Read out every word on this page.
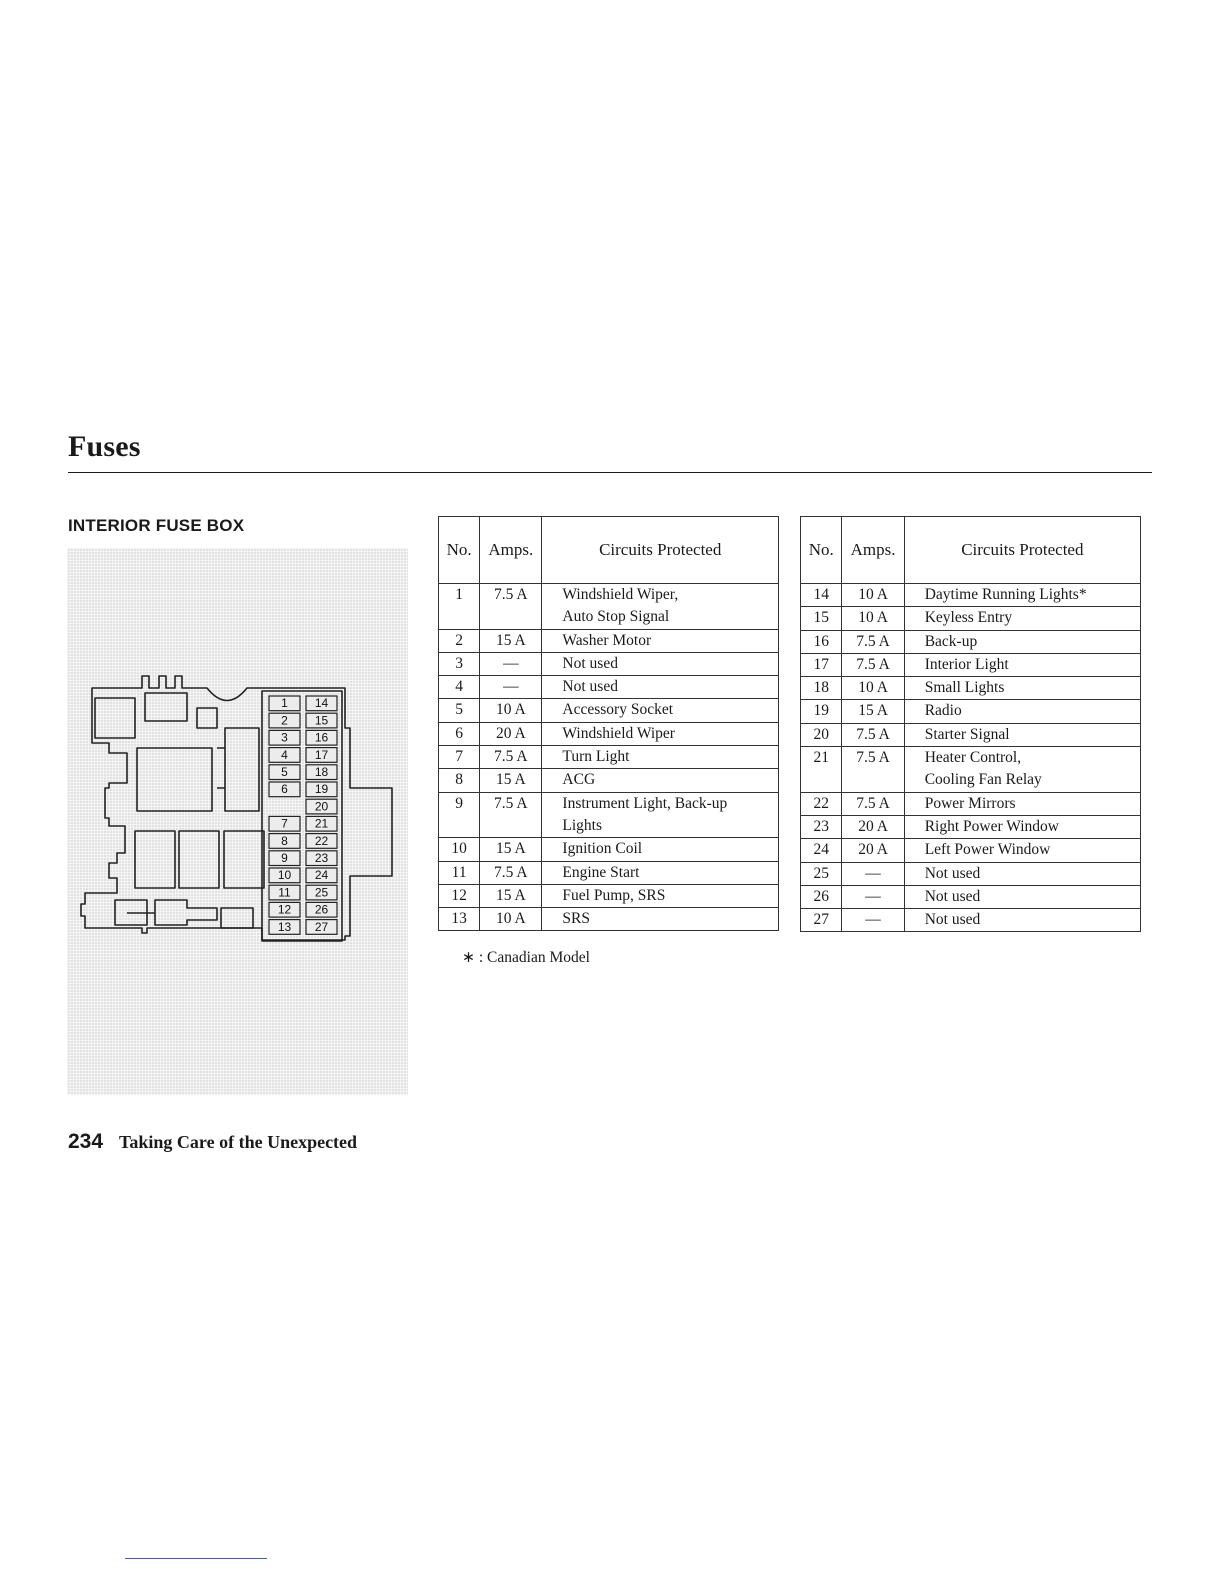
Fuses
INTERIOR FUSE BOX
1
2
3
4
5
6
7
8
9
10
11
12
13
14
15
16
17
18
19
20
21
22
23
24
25
26
27
No.	Amps.	Circuits Protected
1	7.5 A	Windshield Wiper,
		Auto Stop Signal
2	15 A	Washer Motor
3	—	Not used
4	—	Not used
5	10 A	Accessory Socket
6	20 A	Windshield Wiper
7	7.5 A	Turn Light
8	15 A	ACG
9	7.5 A	Instrument Light, Back-up
		Lights
10	15 A	Ignition Coil
11	7.5 A	Engine Start
12	15 A	Fuel Pump, SRS
13	10 A	SRS
No.	Amps.	Circuits Protected
14	10 A	Daytime Running Lights*
15	10 A	Keyless Entry
16	7.5 A	Back-up
17	7.5 A	Interior Light
18	10 A	Small Lights
19	15 A	Radio
20	7.5 A	Starter Signal
21	7.5 A	Heater Control,
		Cooling Fan Relay
22	7.5 A	Power Mirrors
23	20 A	Right Power Window
24	20 A	Left Power Window
25	—	Not used
26	—	Not used
27	—	Not used
∗ : Canadian Model
234 Taking Care of the Unexpected
